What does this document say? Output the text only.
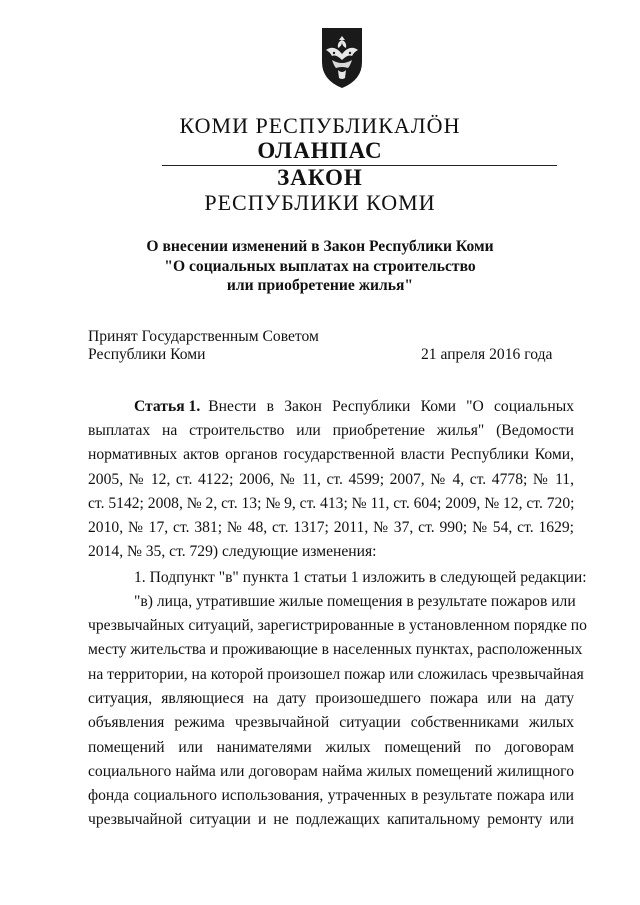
КОМИ РЕСПУБЛИКАЛÖН
ОЛАНПАС
ЗАКОН
РЕСПУБЛИКИ КОМИ
О внесении изменений в Закон Республики Коми
"О социальных выплатах на строительство
или приобретение жилья"
Принят Государственным Советом
Республики Коми	21 апреля 2016 года
Статья 1. Внести в Закон Республики Коми "О социальных
выплатах на строительство или приобретение жилья" (Ведомости
нормативных актов органов государственной власти Республики Коми,
2005, № 12, ст. 4122; 2006, № 11, ст. 4599; 2007, № 4, ст. 4778; № 11,
ст. 5142; 2008, № 2, ст. 13; № 9, ст. 413; № 11, ст. 604; 2009, № 12, ст. 720;
2010, № 17, ст. 381; № 48, ст. 1317; 2011, № 37, ст. 990; № 54, ст. 1629;
2014, № 35, ст. 729) следующие изменения:
1. Подпункт "в" пункта 1 статьи 1 изложить в следующей редакции:
"в) лица, утратившие жилые помещения в результате пожаров или
чрезвычайных ситуаций, зарегистрированные в установленном порядке по
месту жительства и проживающие в населенных пунктах, расположенных
на территории, на которой произошел пожар или сложилась чрезвычайная
ситуация, являющиеся на дату произошедшего пожара или на дату
объявления режима чрезвычайной ситуации собственниками жилых
помещений или нанимателями жилых помещений по договорам
социального найма или договорам найма жилых помещений жилищного
фонда социального использования, утраченных в результате пожара или
чрезвычайной ситуации и не подлежащих капитальному ремонту или
